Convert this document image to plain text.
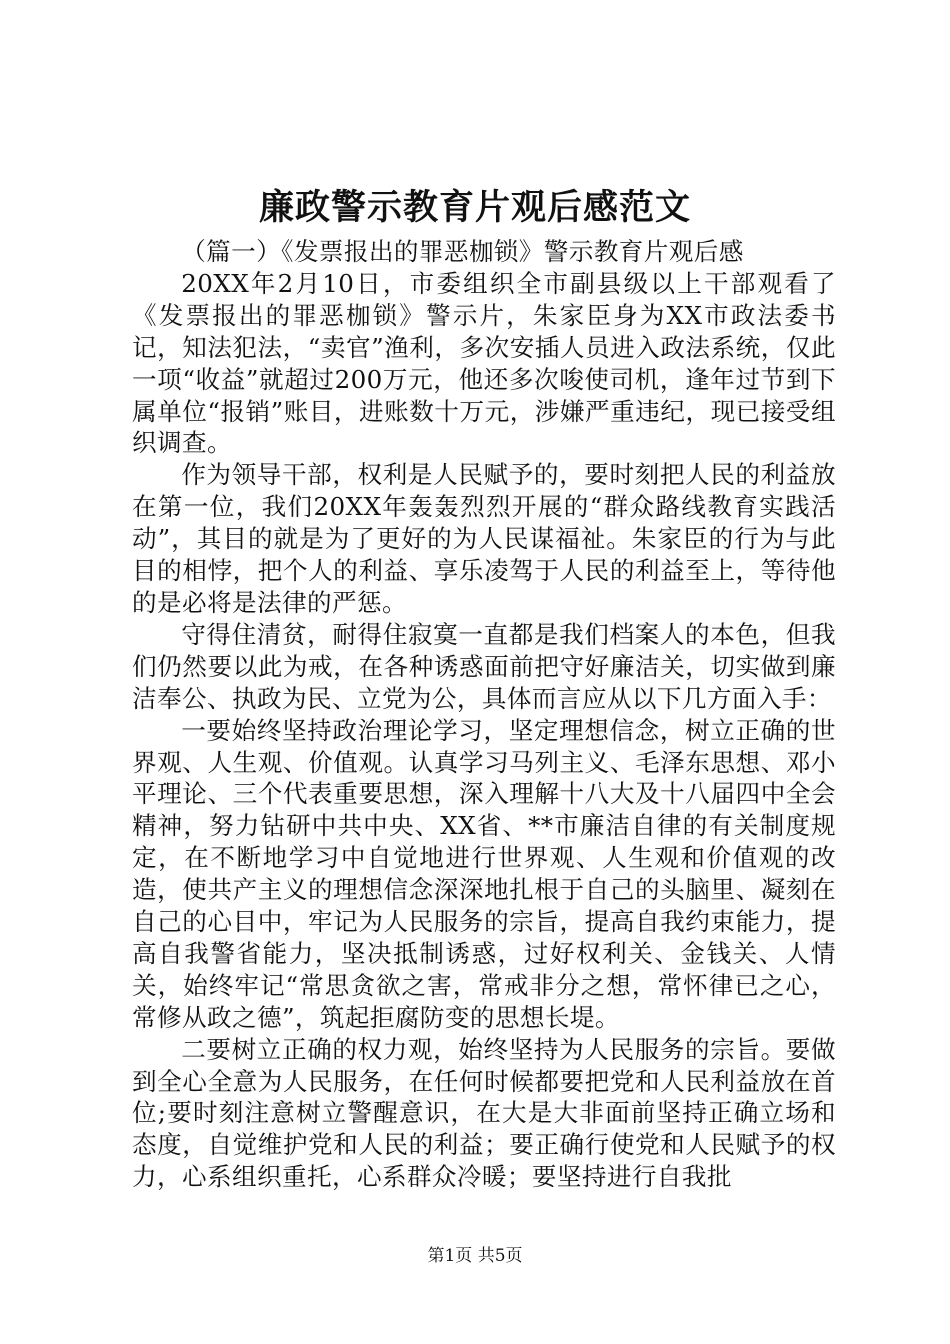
廉政警示教育片观后感范文

（篇一）《发票报出的罪恶枷锁》警示教育片观后感

20XX年2月10日，市委组织全市副县级以上干部观看了《发票报出的罪恶枷锁》警示片，朱家臣身为XX市政法委书记，知法犯法，“卖官”渔利，多次安插人员进入政法系统，仅此一项“收益”就超过200万元，他还多次唆使司机，逢年过节到下属单位“报销”账目，进账数十万元，涉嫌严重违纪，现已接受组织调查。

作为领导干部，权利是人民赋予的，要时刻把人民的利益放在第一位，我们20XX年轰轰烈烈开展的“群众路线教育实践活动”，其目的就是为了更好的为人民谋福祉。朱家臣的行为与此目的相悖，把个人的利益、享乐凌驾于人民的利益至上，等待他的是必将是法律的严惩。

守得住清贫，耐得住寂寞一直都是我们档案人的本色，但我们仍然要以此为戒，在各种诱惑面前把守好廉洁关，切实做到廉洁奉公、执政为民、立党为公，具体而言应从以下几方面入手：

一要始终坚持政治理论学习，坚定理想信念，树立正确的世界观、人生观、价值观。认真学习马列主义、毛泽东思想、邓小平理论、三个代表重要思想，深入理解十八大及十八届四中全会精神，努力钻研中共中央、XX省、**市廉洁自律的有关制度规定，在不断地学习中自觉地进行世界观、人生观和价值观的改造，使共产主义的理想信念深深地扎根于自己的头脑里、凝刻在自己的心目中，牢记为人民服务的宗旨，提高自我约束能力，提高自我警省能力，坚决抵制诱惑，过好权利关、金钱关、人情关，始终牢记“常思贪欲之害，常戒非分之想，常怀律已之心，常修从政之德”，筑起拒腐防变的思想长堤。

二要树立正确的权力观，始终坚持为人民服务的宗旨。要做到全心全意为人民服务，在任何时候都要把党和人民利益放在首位;要时刻注意树立警醒意识，在大是大非面前坚持正确立场和态度，自觉维护党和人民的利益；要正确行使党和人民赋予的权力，心系组织重托，心系群众冷暖；要坚持进行自我批

第1页 共5页
